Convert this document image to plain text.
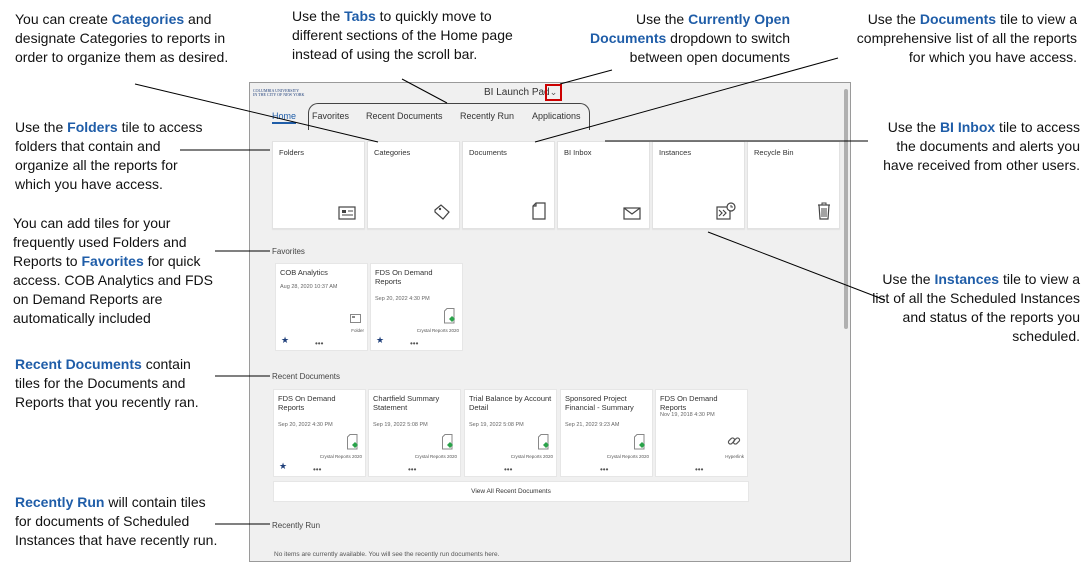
You can create Categories and designate Categories to reports in order to organize them as desired.
Use the Tabs to quickly move to different sections of the Home page instead of using the scroll bar.
Use the Currently Open Documents dropdown to switch between open documents
Use the Documents tile to view a comprehensive list of all the reports for which you have access.
Use the Folders tile to access folders that contain and organize all the reports for which you have access.
Use the BI Inbox tile to access the documents and alerts you have received from other users.
You can add tiles for your frequently used Folders and Reports to Favorites for quick access. COB Analytics and FDS on Demand Reports are automatically included
Use the Instances tile to view a list of all the Scheduled Instances and status of the reports you scheduled.
Recent Documents contain tiles for the Documents and Reports that you recently ran.
Recently Run will contain tiles for documents of Scheduled Instances that have recently run.
COLUMBIA UNIVERSITY
IN THE CITY OF NEW YORK	BI Launch Pad ⌄
Home Favorites Recent Documents Recently Run Applications
Folders	Categories	Documents	BI Inbox	Instances	Recycle Bin
Favorites
COB Analytics
Aug 28, 2020 10:37 AM
Folder
★	•••
FDS On Demand Reports
Sep 20, 2022 4:30 PM
Crystal Reports 2020
★	•••
Recent Documents
FDS On Demand Reports
Sep 20, 2022 4:30 PM
Crystal Reports 2020
★	•••
Chartfield Summary Statement
Sep 19, 2022 5:08 PM
Crystal Reports 2020
•••
Trial Balance by Account Detail
Sep 19, 2022 5:08 PM
Crystal Reports 2020
•••
Sponsored Project Financial - Summary
Sep 21, 2022 9:23 AM
Crystal Reports 2020
•••
FDS On Demand Reports
Nov 19, 2018 4:30 PM
Hyperlink
•••
View All Recent Documents
Recently Run
No items are currently available. You will see the recently run documents here.
